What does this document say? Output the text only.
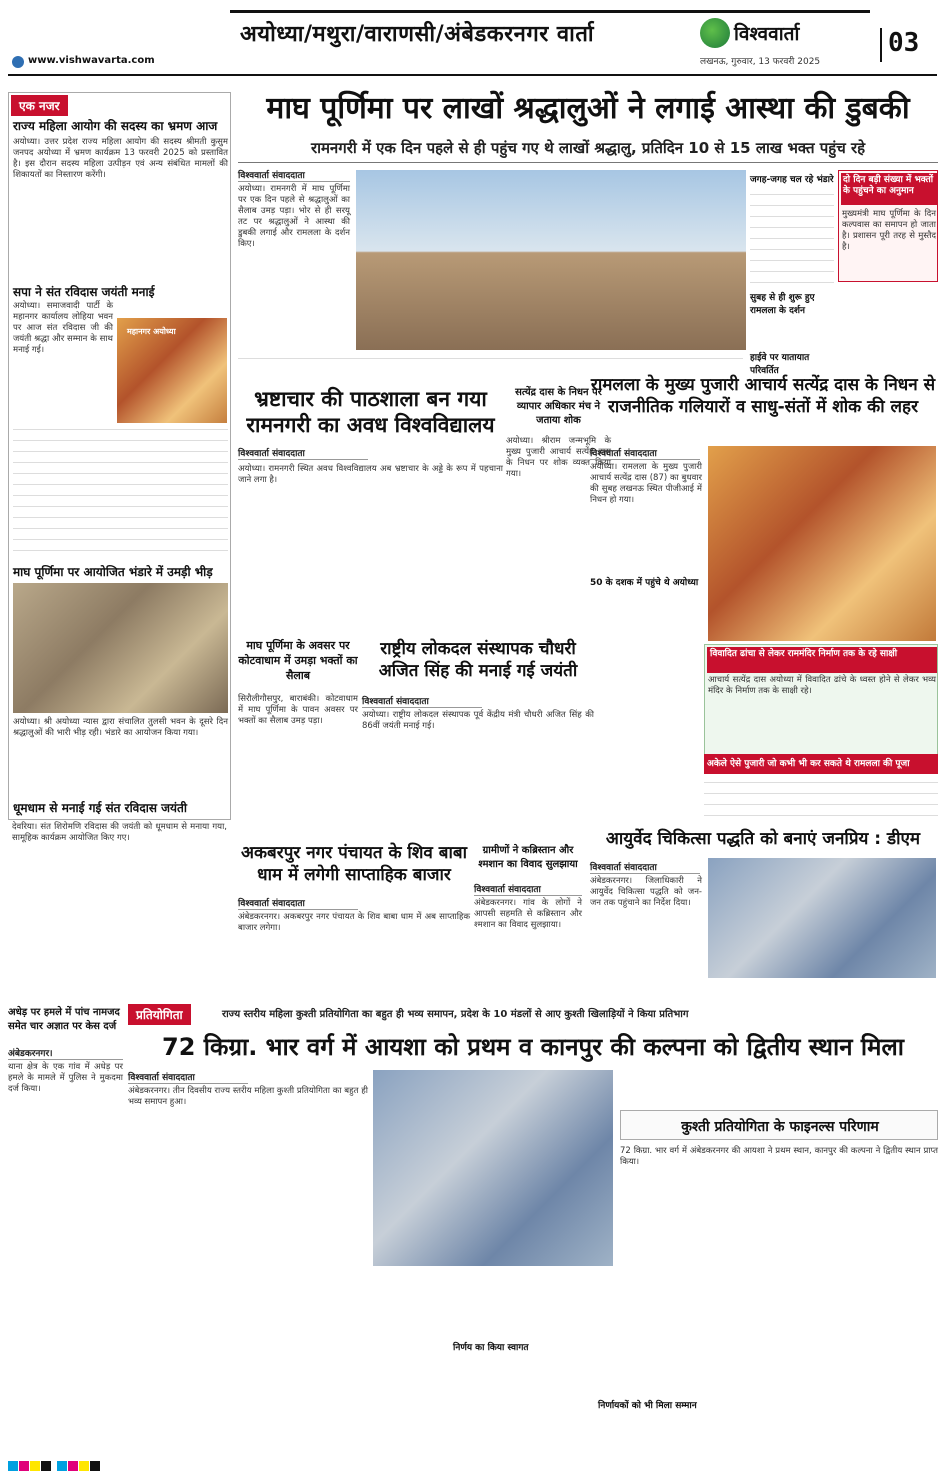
अयोध्या/मथुरा/वाराणसी/अंबेडकरनगर वार्ता	विश्ववार्ता
लखनऊ, गुरुवार, 13 फरवरी 2025
03
www.vishwavarta.com
एक नजर
राज्य महिला आयोग की सदस्य का भ्रमण आज
अयोध्या। उत्तर प्रदेश राज्य महिला आयोग की सदस्य श्रीमती कुसुम जनपद अयोध्या में भ्रमण कार्यक्रम 13 फरवरी 2025 को प्रस्तावित है। इस दौरान सदस्य महिला उत्पीड़न एवं अन्य संबंधित मामलों की शिकायतों का निस्तारण करेंगी।
सपा ने संत रविदास जयंती मनाई
अयोध्या। समाजवादी पार्टी के महानगर कार्यालय लोहिया भवन पर आज संत रविदास जी की जयंती श्रद्धा और सम्मान के साथ मनाई गई।
महानगर अयोध्या
माघ पूर्णिमा पर आयोजित भंडारे में उमड़ी भीड़
अयोध्या। श्री अयोध्या न्यास द्वारा संचालित तुलसी भवन के दूसरे दिन श्रद्धालुओं की भारी भीड़ रही। भंडारे का आयोजन किया गया।
धूमधाम से मनाई गई संत रविदास जयंती
देवरिया। संत शिरोमणि रविदास की जयंती को धूमधाम से मनाया गया, सामूहिक कार्यक्रम आयोजित किए गए।
माघ पूर्णिमा पर लाखों श्रद्धालुओं ने लगाई आस्था की डुबकी
रामनगरी में एक दिन पहले से ही पहुंच गए थे लाखों श्रद्धालु, प्रतिदिन 10 से 15 लाख भक्त पहुंच रहे
विश्ववार्ता संवाददाता
अयोध्या। रामनगरी में माघ पूर्णिमा पर एक दिन पहले से श्रद्धालुओं का सैलाब उमड़ पड़ा। भोर से ही सरयू तट पर श्रद्धालुओं ने आस्था की डुबकी लगाई और रामलला के दर्शन किए।
जगह-जगह चल रहे भंडारे
सुबह से ही शुरू हुए रामलला के दर्शन
हाईवे पर यातायात परिवर्तित
दो दिन बड़ी संख्या में भक्तों के पहुंचने का अनुमान
मुख्यमंत्री माघ पूर्णिमा के दिन कल्पवास का समापन हो जाता है। प्रशासन पूरी तरह से मुस्तैद है।
भ्रष्टाचार की पाठशाला बन गया रामनगरी का अवध विश्वविद्यालय
विश्ववार्ता संवाददाता
अयोध्या। रामनगरी स्थित अवध विश्वविद्यालय अब भ्रष्टाचार के अड्डे के रूप में पहचाना जाने लगा है।
सत्येंद्र दास के निधन पर व्यापार अधिकार मंच ने जताया शोक
अयोध्या। श्रीराम जन्मभूमि के मुख्य पुजारी आचार्य सत्येंद्र दास के निधन पर शोक व्यक्त किया गया।
रामलला के मुख्य पुजारी आचार्य सत्येंद्र दास के निधन से राजनीतिक गलियारों व साधु-संतों में शोक की लहर
विश्ववार्ता संवाददाता
अयोध्या। रामलला के मुख्य पुजारी आचार्य सत्येंद्र दास (87) का बुधवार की सुबह लखनऊ स्थित पीजीआई में निधन हो गया।
50 के दशक में पहुंचे थे अयोध्या
विवादित ढांचा से लेकर राममंदिर निर्माण तक के रहे साक्षी
आचार्य सत्येंद्र दास अयोध्या में विवादित ढांचे के ध्वस्त होने से लेकर भव्य मंदिर के निर्माण तक के साक्षी रहे।
अकेले ऐसे पुजारी जो कभी भी कर सकते थे रामलला की पूजा
माघ पूर्णिमा के अवसर पर कोटवाधाम में उमड़ा भक्तों का सैलाब
सिरौलीगौसपुर, बाराबंकी। कोटवाधाम में माघ पूर्णिमा के पावन अवसर पर भक्तों का सैलाब उमड़ पड़ा।
राष्ट्रीय लोकदल संस्थापक चौधरी अजित सिंह की मनाई गई जयंती
विश्ववार्ता संवाददाता
अयोध्या। राष्ट्रीय लोकदल संस्थापक पूर्व केंद्रीय मंत्री चौधरी अजित सिंह की 86वीं जयंती मनाई गई।
अकबरपुर नगर पंचायत के शिव बाबा धाम में लगेगी साप्ताहिक बाजार
विश्ववार्ता संवाददाता
अंबेडकरनगर। अकबरपुर नगर पंचायत के शिव बाबा धाम में अब साप्ताहिक बाजार लगेगा।
ग्रामीणों ने कब्रिस्तान और श्मशान का विवाद सुलझाया
विश्ववार्ता संवाददाता
अंबेडकरनगर। गांव के लोगों ने आपसी सहमति से कब्रिस्तान और श्मशान का विवाद सुलझाया।
आयुर्वेद चिकित्सा पद्धति को बनाएं जनप्रिय : डीएम
विश्ववार्ता संवाददाता
अंबेडकरनगर। जिलाधिकारी ने आयुर्वेद चिकित्सा पद्धति को जन-जन तक पहुंचाने का निर्देश दिया।
अधेड़ पर हमले में पांच नामजद समेत चार अज्ञात पर केस दर्ज
अंबेडकरनगर।
थाना क्षेत्र के एक गांव में अधेड़ पर हमले के मामले में पुलिस ने मुकदमा दर्ज किया।
प्रतियोगिता	राज्य स्तरीय महिला कुश्ती प्रतियोगिता का बहुत ही भव्य समापन, प्रदेश के 10 मंडलों से आए कुश्ती खिलाड़ियों ने किया प्रतिभाग
72 किग्रा. भार वर्ग में आयशा को प्रथम व कानपुर की कल्पना को द्वितीय स्थान मिला
विश्ववार्ता संवाददाता
अंबेडकरनगर। तीन दिवसीय राज्य स्तरीय महिला कुश्ती प्रतियोगिता का बहुत ही भव्य समापन हुआ।
निर्णय का किया स्वागत
कुश्ती प्रतियोगिता के फाइनल्स परिणाम
72 किग्रा. भार वर्ग में अंबेडकरनगर की आयशा ने प्रथम स्थान, कानपुर की कल्पना ने द्वितीय स्थान प्राप्त किया।
निर्णायकों को भी मिला सम्मान
